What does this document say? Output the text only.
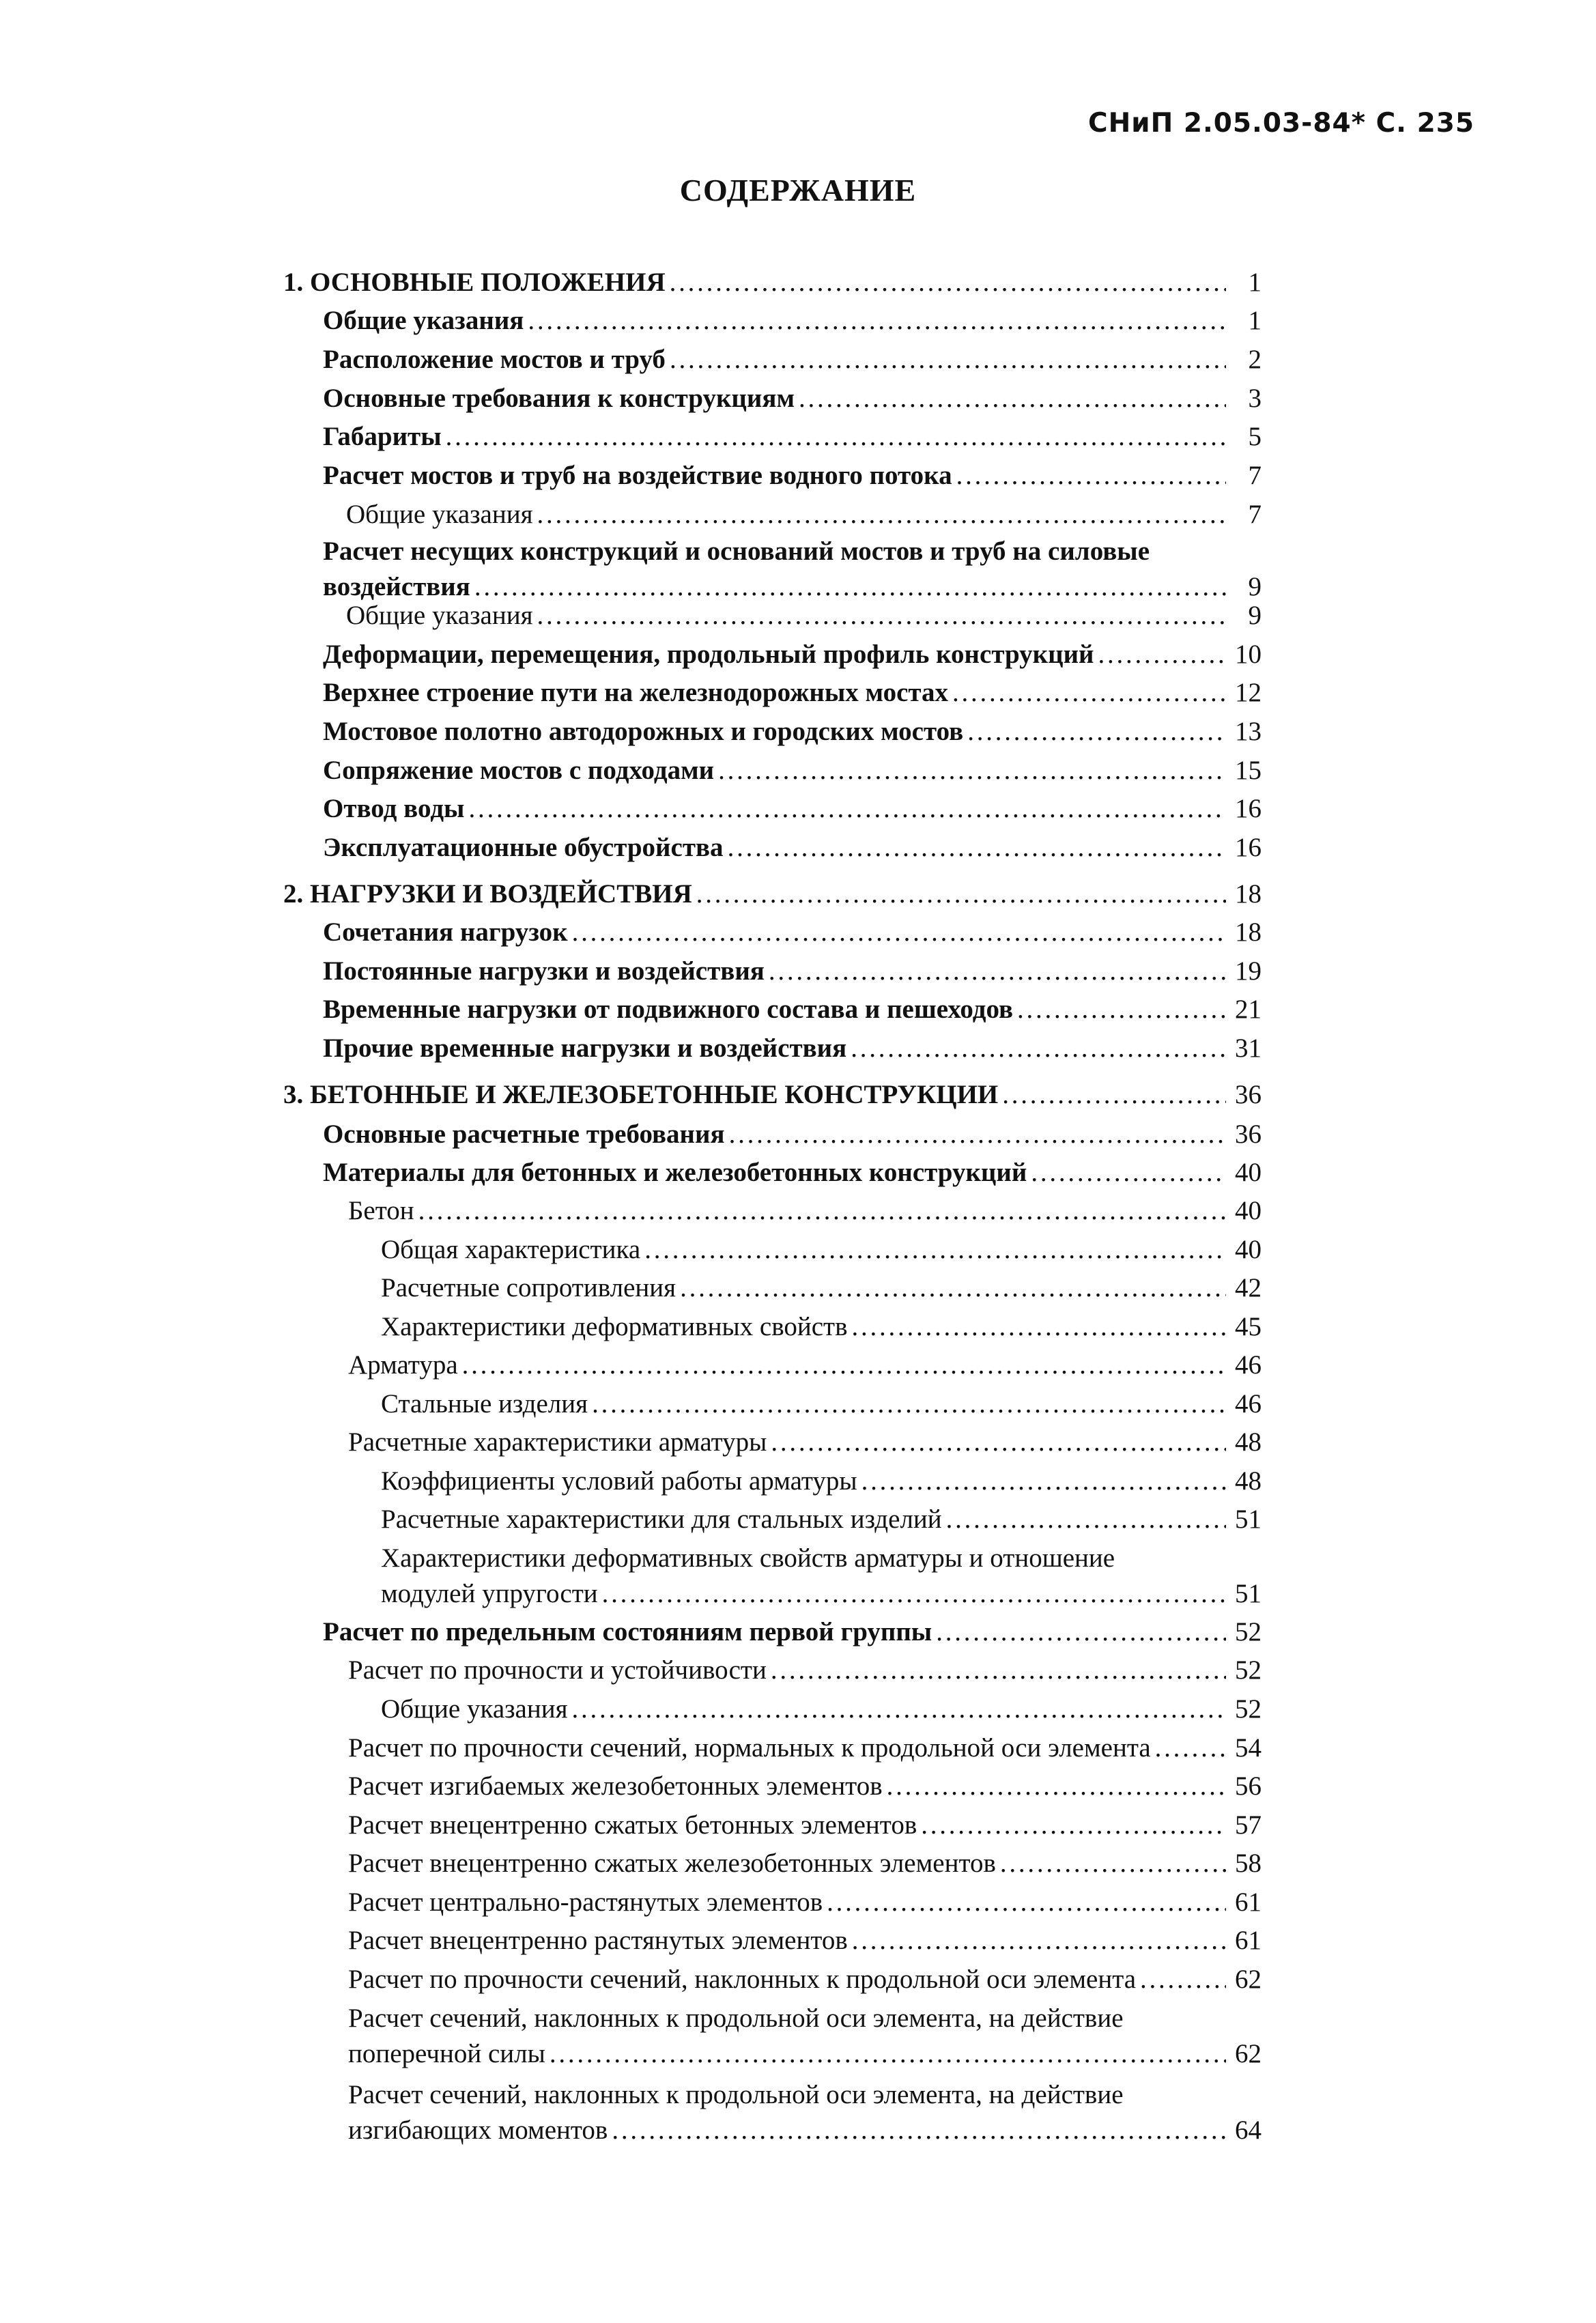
СНиП 2.05.03-84* С. 235
СОДЕРЖАНИЕ
1. ОСНОВНЫЕ ПОЛОЖЕНИЯ . . .	1
Общие указания . . .	1
Расположение мостов и труб . . .	2
Основные требования к конструкциям . . .	3
Габариты . . .	5
Расчет мостов и труб на воздействие водного потока . . .	7
Общие указания . . .	7
Расчет несущих конструкций и оснований мостов и труб на силовые
воздействия . . .	9
Общие указания . . .	9
Деформации, перемещения, продольный профиль конструкций . . .	10
Верхнее строение пути на железнодорожных мостах . . .	12
Мостовое полотно автодорожных и городских мостов . . .	13
Сопряжение мостов с подходами . . .	15
Отвод воды . . .	16
Эксплуатационные обустройства . . .	16
2. НАГРУЗКИ И ВОЗДЕЙСТВИЯ . . .	18
Сочетания нагрузок . . .	18
Постоянные нагрузки и воздействия . . .	19
Временные нагрузки от подвижного состава и пешеходов . . .	21
Прочие временные нагрузки и воздействия . . .	31
3. БЕТОННЫЕ И ЖЕЛЕЗОБЕТОННЫЕ КОНСТРУКЦИИ . . .	36
Основные расчетные требования . . .	36
Материалы для бетонных и железобетонных конструкций . . .	40
Бетон . . .	40
Общая характеристика . . .	40
Расчетные сопротивления . . .	42
Характеристики деформативных свойств . . .	45
Арматура . . .	46
Стальные изделия . . .	46
Расчетные характеристики арматуры . . .	48
Коэффициенты условий работы арматуры . . .	48
Расчетные характеристики для стальных изделий . . .	51
Характеристики деформативных свойств арматуры и отношение
модулей упругости . . .	51
Расчет по предельным состояниям первой группы . . .	52
Расчет по прочности и устойчивости . . .	52
Общие указания . . .	52
Расчет по прочности сечений, нормальных к продольной оси элемента . . .	54
Расчет изгибаемых железобетонных элементов . . .	56
Расчет внецентренно сжатых бетонных элементов . . .	57
Расчет внецентренно сжатых железобетонных элементов . . .	58
Расчет центрально-растянутых элементов . . .	61
Расчет внецентренно растянутых элементов . . .	61
Расчет по прочности сечений, наклонных к продольной оси элемента . . .	62
Расчет сечений, наклонных к продольной оси элемента, на действие
поперечной силы . . .	62
Расчет сечений, наклонных к продольной оси элемента, на действие
изгибающих моментов . . .	64
